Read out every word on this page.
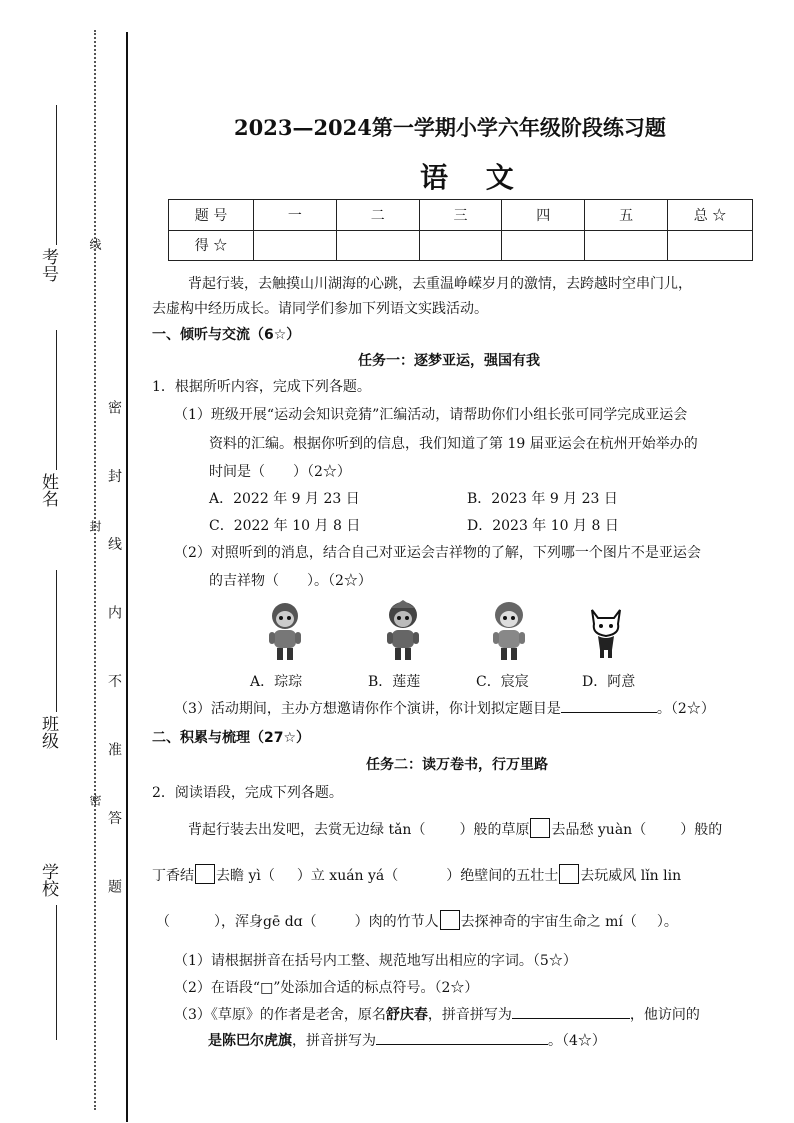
考号
姓名
班级
学校
线
封
密 密 封 线 内 不 准 答 题
2023—2024第一学期小学六年级阶段练习题
语 文
题 号	一	二	三	四	五	总 ☆
得 ☆						
背起行装，去触摸山川湖海的心跳，去重温峥嵘岁月的激情，去跨越时空串门儿，
去虚构中经历成长。请同学们参加下列语文实践活动。
一、倾听与交流（6☆）
任务一：逐梦亚运，强国有我
1．根据所听内容，完成下列各题。
（1）班级开展“运动会知识竞猜”汇编活动，请帮助你们小组长张可同学完成亚运会
资料的汇编。根据你听到的信息，我们知道了第 19 届亚运会在杭州开始举办的
时间是（　　）（2☆）
A．2022 年 9 月 23 日	B．2023 年 9 月 23 日
C．2022 年 10 月 8 日	D．2023 年 10 月 8 日
（2）对照听到的消息，结合自己对亚运会吉祥物的了解，下列哪一个图片不是亚运会
的吉祥物（　　）。（2☆）
A．琮琮	B．莲莲	C．宸宸	D．阿意
（3）活动期间，主办方想邀请你作个演讲，你计划拟定题目是	。（2☆）
二、积累与梳理（27☆）
任务二：读万卷书，行万里路
2．阅读语段，完成下列各题。
背起行装去出发吧，去赏无边绿 tǎn（ ）般的草原 去品愁 yuàn（ ）般的
丁香结 去瞻 yì（ ）立 xuán yá（	）绝壁间的五壮士 去玩威风 lǐn lin
（	），浑身gē dɑ（	）肉的竹节人 去探神奇的宇宙生命之 mí（ ）。
（1）请根据拼音在括号内工整、规范地写出相应的字词。（5☆）
（2）在语段“□”处添加合适的标点符号。（2☆）
（3）《草原》的作者是老舍，原名舒庆春，拼音拼写为	，他访问的
是陈巴尔虎旗，拼音拼写为	。（4☆）
